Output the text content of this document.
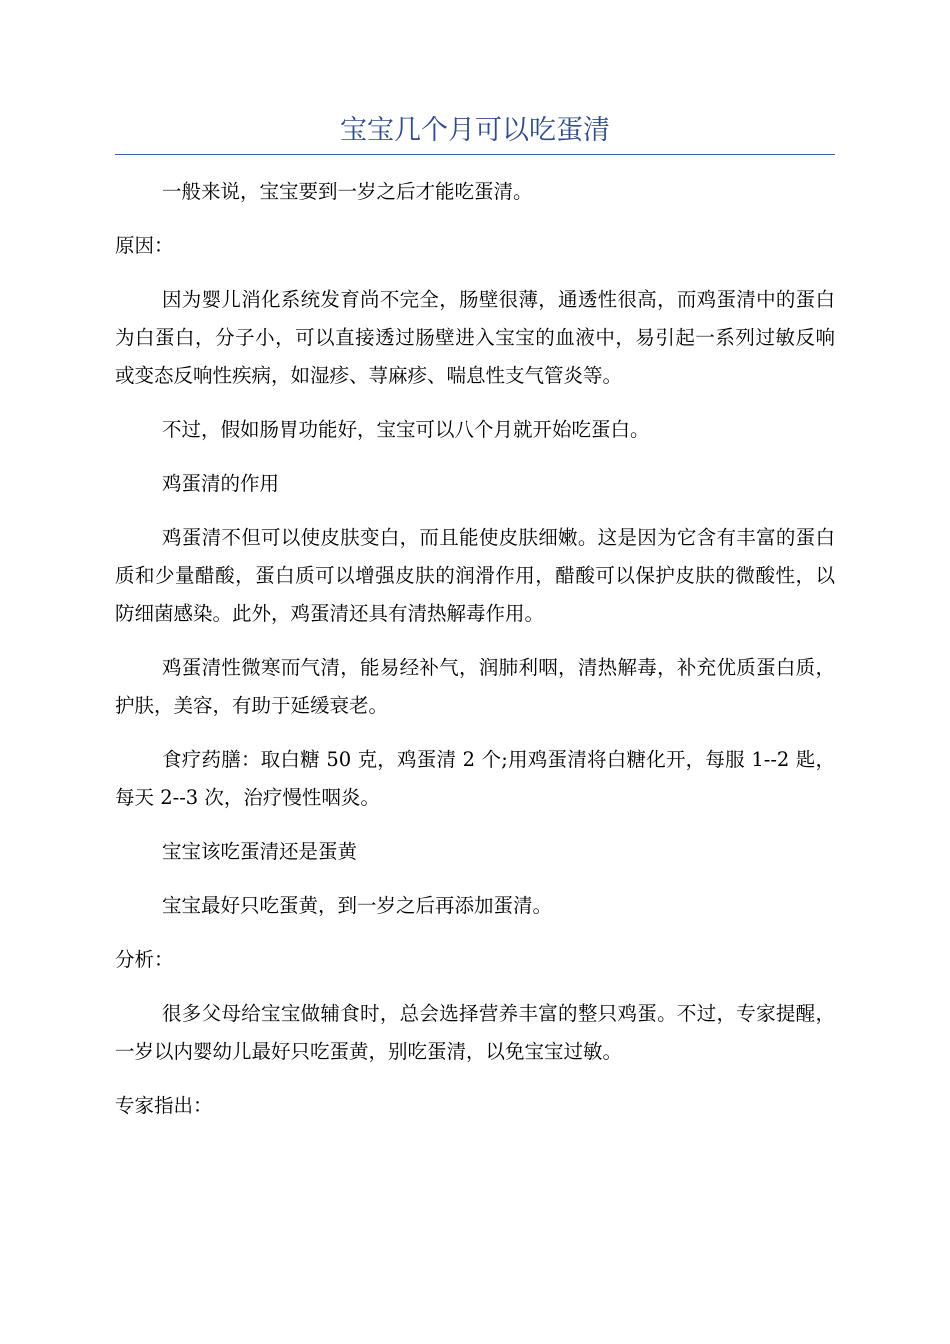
宝宝几个月可以吃蛋清

一般来说，宝宝要到一岁之后才能吃蛋清。

原因：

因为婴儿消化系统发育尚不完全，肠壁很薄，通透性很高，而鸡蛋清中的蛋白为白蛋白，分子小，可以直接透过肠壁进入宝宝的血液中，易引起一系列过敏反响或变态反响性疾病，如湿疹、荨麻疹、喘息性支气管炎等。

不过，假如肠胃功能好，宝宝可以八个月就开始吃蛋白。

鸡蛋清的作用

鸡蛋清不但可以使皮肤变白，而且能使皮肤细嫩。这是因为它含有丰富的蛋白质和少量醋酸，蛋白质可以增强皮肤的润滑作用，醋酸可以保护皮肤的微酸性，以防细菌感染。此外，鸡蛋清还具有清热解毒作用。

鸡蛋清性微寒而气清，能易经补气，润肺利咽，清热解毒，补充优质蛋白质，护肤，美容，有助于延缓衰老。

食疗药膳：取白糖 50 克，鸡蛋清 2 个;用鸡蛋清将白糖化开，每服 1--2 匙，每天 2--3 次，治疗慢性咽炎。

宝宝该吃蛋清还是蛋黄

宝宝最好只吃蛋黄，到一岁之后再添加蛋清。

分析：

很多父母给宝宝做辅食时，总会选择营养丰富的整只鸡蛋。不过，专家提醒，一岁以内婴幼儿最好只吃蛋黄，别吃蛋清，以免宝宝过敏。

专家指出：
